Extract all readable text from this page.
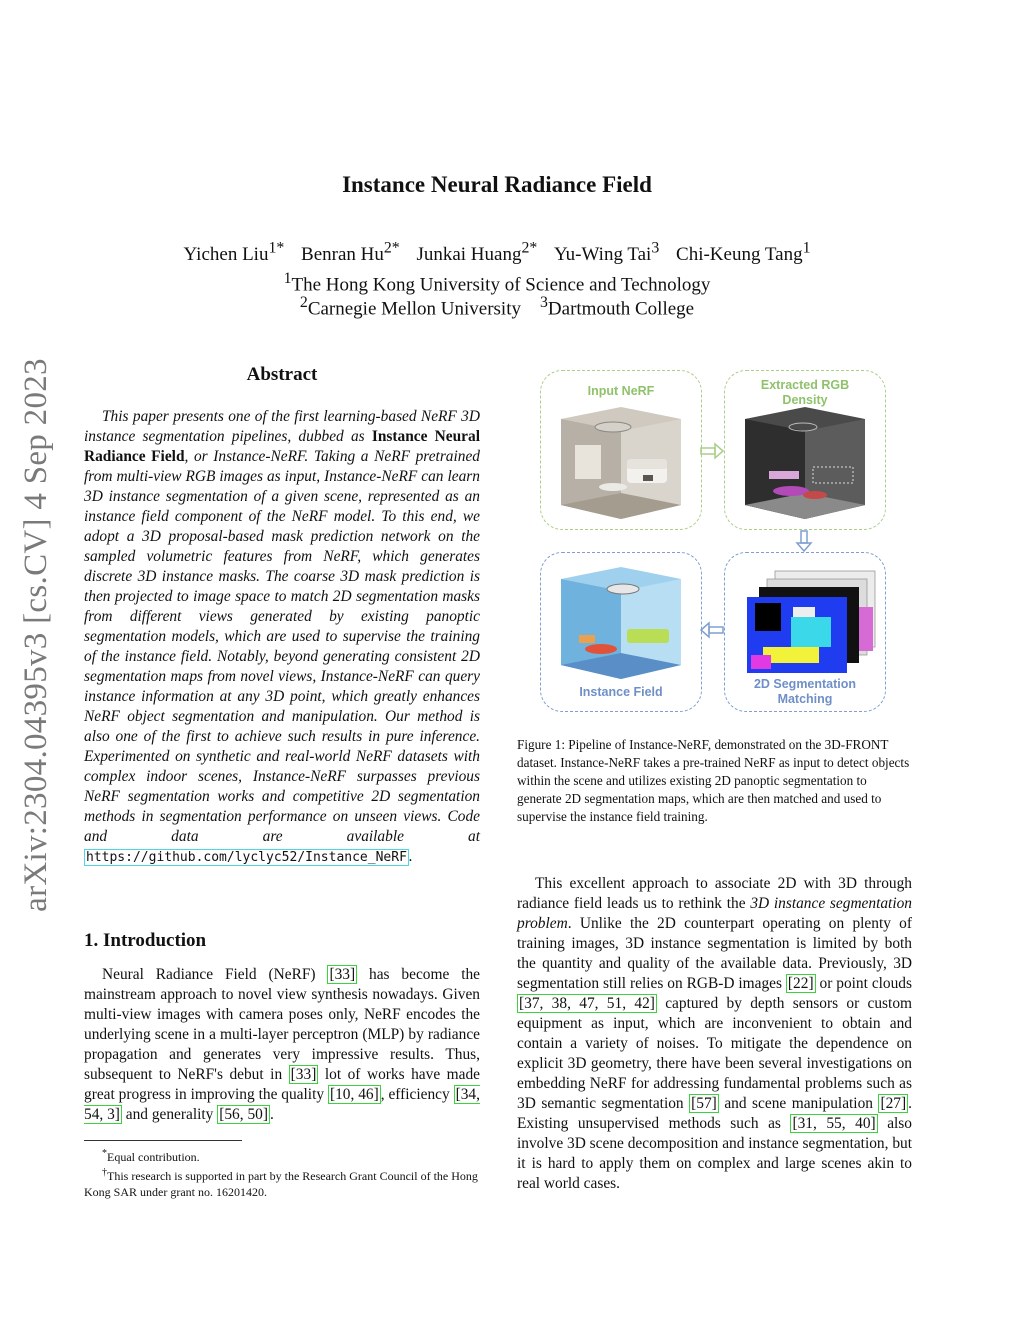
arXiv:2304.04395v3 [cs.CV] 4 Sep 2023
Instance Neural Radiance Field
Yichen Liu$^{1*}$ Benran $Hu^{2*}$ Junkai Huang$^{2*}$ Yu-Wing Tai$^3$ Chi-Keung Tang$^1$
$^1$The Hong Kong University of Science and Technology
$^2$Carnegie Mellon University $^3$Dartmouth College
Abstract
This paper presents one of the first learning-based NeRF 3D instance segmentation pipelines, dubbed as Instance Neural Radiance Field, or Instance-NeRF. Taking a NeRF pretrained from multi-view RGB images as input, Instance-NeRF can learn 3D instance segmentation of a given scene, represented as an instance field component of the NeRF model. To this end, we adopt a 3D proposal-based mask prediction network on the sampled volumetric features from NeRF, which generates discrete 3D instance masks. The coarse 3D mask prediction is then projected to image space to match 2D segmentation masks from different views generated by existing panoptic segmentation models, which are used to supervise the training of the instance field. Notably, beyond generating consistent 2D segmentation maps from novel views, Instance-NeRF can query instance information at any 3D point, which greatly enhances NeRF object segmentation and manipulation. Our method is also one of the first to achieve such results in pure inference. Experimented on synthetic and real-world NeRF datasets with complex indoor scenes, Instance-NeRF surpasses previous NeRF segmentation works and competitive 2D segmentation methods in segmentation performance on unseen views. Code and data are available at https://github.com/lyclyc52/Instance_NeRF .
1. Introduction
Neural Radiance Field (NeRF) [33] has become the mainstream approach to novel view synthesis nowadays. Given multi-view images with camera poses only, NeRF encodes the underlying scene in a multi-layer perceptron (MLP) by radiance propagation and generates very impressive results. Thus, subsequent to NeRF's debut in [33] lot of works have made great progress in improving the quality [10, 46] , efficiency [34, 54, 3] and generality [56, 50] .
*Equal contribution.
†This research is supported in part by the Research Grant Council of the Hong Kong SAR under grant no. 16201420.
Input NeRF	Extracted RGB
Density
Instance Field
2D Segmentation
Matching
Figure 1: Pipeline of Instance-NeRF, demonstrated on the 3D-FRONT dataset. Instance-NeRF takes a pre-trained NeRF as input to detect objects within the scene and utilizes existing 2D panoptic segmentation to generate 2D segmentation maps, which are then matched and used to supervise the instance field training.
This excellent approach to associate 2D with 3D through radiance field leads us to rethink the 3D instance segmentation problem. Unlike the 2D counterpart operating on plenty of training images, 3D instance segmentation is limited by both the quantity and quality of the available data. Previously, 3D segmentation still relies on RGB-D images [22] or point clouds [37, 38, 47, 51, 42] captured by depth sensors or custom equipment as input, which are inconvenient to obtain and contain a variety of noises. To mitigate the dependence on explicit 3D geometry, there have been several investigations on embedding NeRF for addressing fundamental problems such as 3D semantic segmentation [57] and scene manipulation [27] . Existing unsupervised methods such as [31, 55, 40] also involve 3D scene decomposition and instance segmentation, but it is hard to apply them on complex and large scenes akin to real world cases.
